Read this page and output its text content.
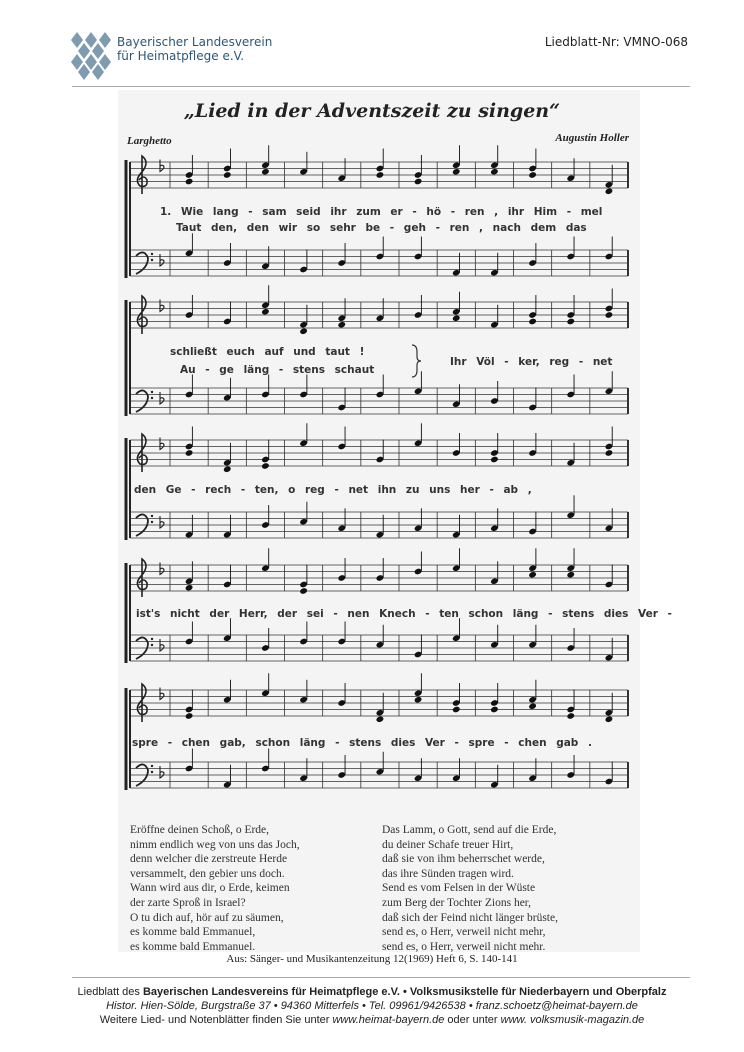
Bayerischer Landesverein
für Heimatpflege e.V.
Liedblatt-Nr: VMNO-068
„Lied in der Adventszeit zu singen“
Larghetto	Augustin Holler
1. Wie lang - sam seid ihr zum er - hö - ren , ihr Him - mel
Taut den, den wir so sehr be - geh - ren , nach dem das
schließt euch auf und taut !
Au - ge läng - stens schaut
Ihr Völ - ker, reg - net
den Ge - rech - ten, o reg - net ihn zu uns her - ab ,
ist's nicht der Herr, der sei - nen Knech - ten schon läng - stens dies Ver -
spre - chen gab, schon läng - stens dies Ver - spre - chen gab .
Eröffne deinen Schoß, o Erde,
nimm endlich weg von uns das Joch,
denn welcher die zerstreute Herde
versammelt, den gebier uns doch.
Wann wird aus dir, o Erde, keimen
der zarte Sproß in Israel?
O tu dich auf, hör auf zu säumen,
es komme bald Emmanuel,
es komme bald Emmanuel.
Das Lamm, o Gott, send auf die Erde,
du deiner Schafe treuer Hirt,
daß sie von ihm beherrschet werde,
das ihre Sünden tragen wird.
Send es vom Felsen in der Wüste
zum Berg der Tochter Zions her,
daß sich der Feind nicht länger brüste,
send es, o Herr, verweil nicht mehr,
send es, o Herr, verweil nicht mehr.
Aus: Sänger- und Musikantenzeitung 12(1969) Heft 6, S. 140-141
Liedblatt des Bayerischen Landesvereins für Heimatpflege e.V. • Volksmusikstelle für Niederbayern und Oberpfalz
Histor. Hien-Sölde, Burgstraße 37 • 94360 Mitterfels • Tel. 09961/9426538 • franz.schoetz@heimat-bayern.de
Weitere Lied- und Notenblätter finden Sie unter www.heimat-bayern.de oder unter www. volksmusik-magazin.de
